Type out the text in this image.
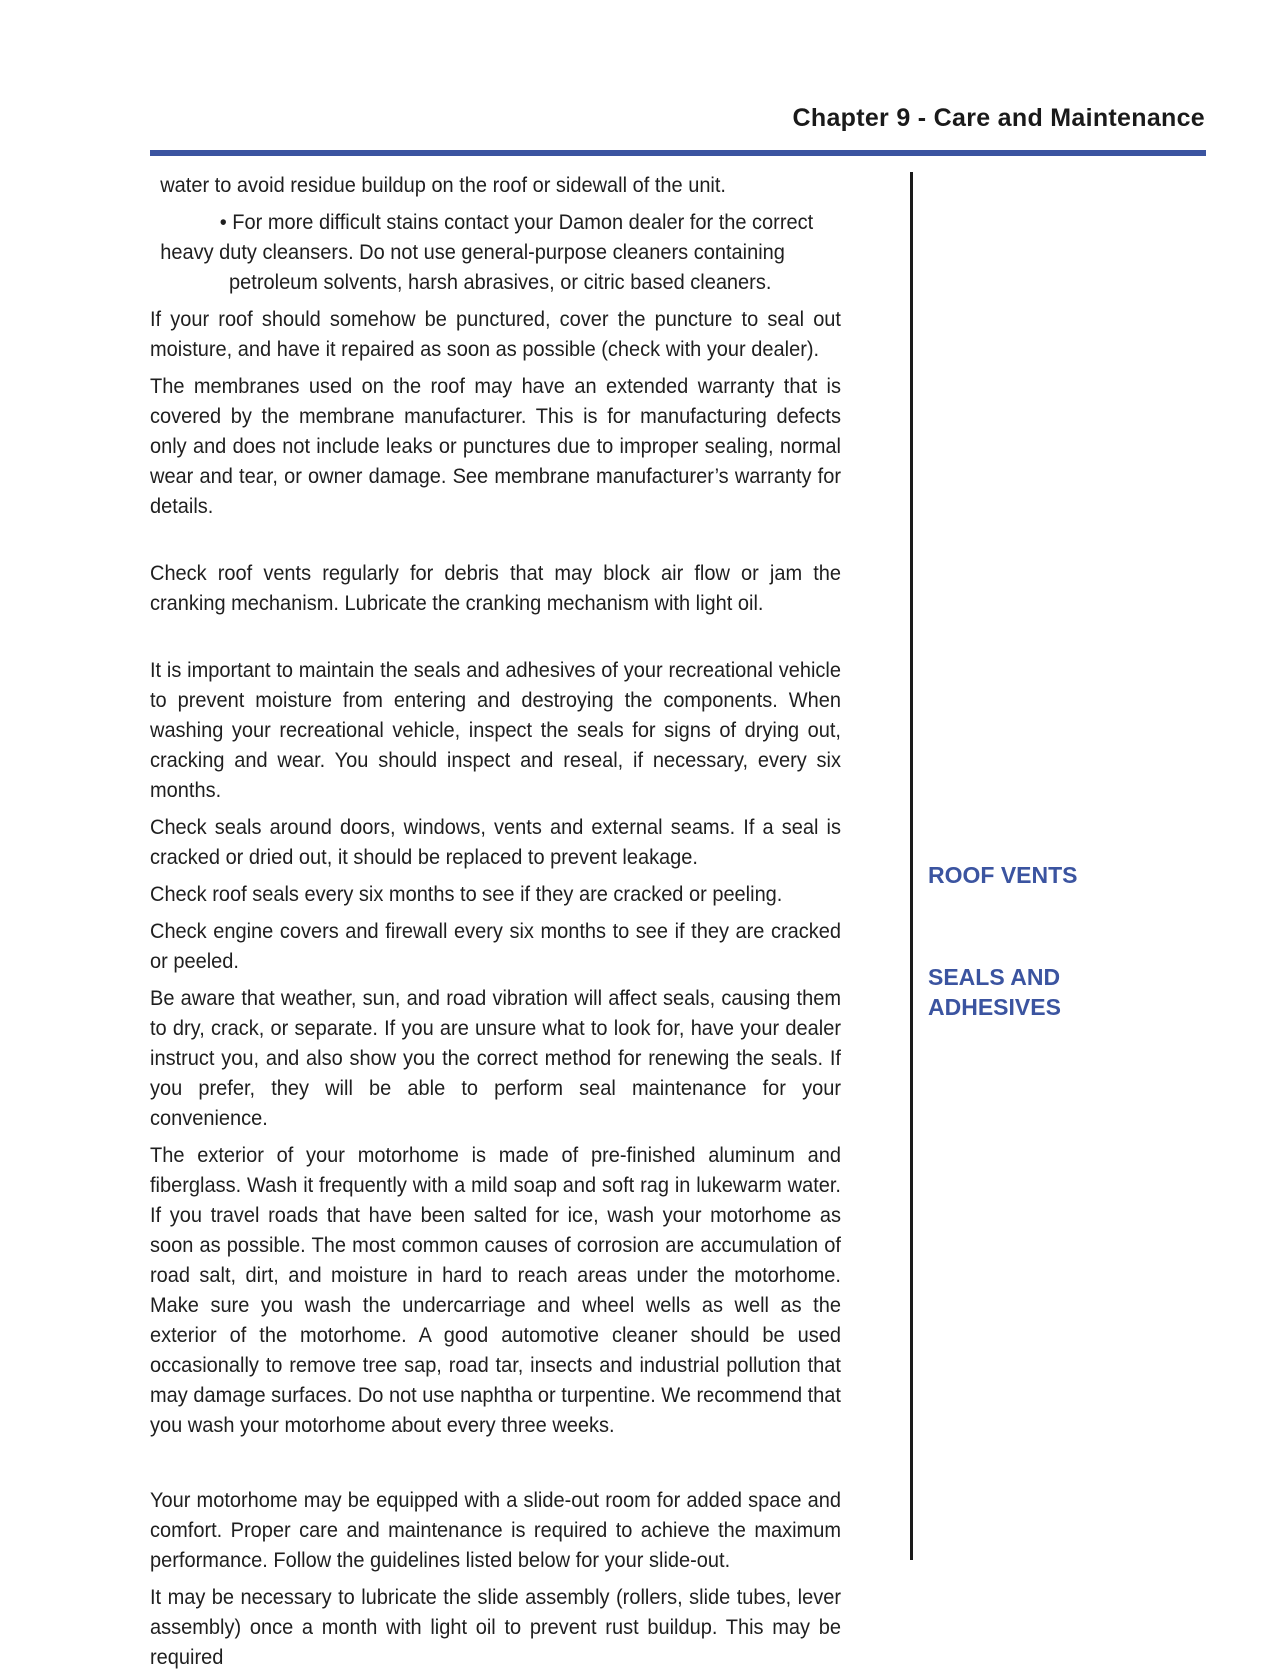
Chapter 9 - Care and Maintenance

water to avoid residue buildup on the roof or sidewall of the unit.

• For more difficult stains contact your Damon dealer for the correct
heavy duty cleansers. Do not use general-purpose cleaners containing
petroleum solvents, harsh abrasives, or citric based cleaners.

If your roof should somehow be punctured, cover the puncture to seal out moisture, and have it repaired as soon as possible (check with your dealer).

The membranes used on the roof may have an extended warranty that is covered by the membrane manufacturer. This is for manufacturing defects only and does not include leaks or punctures due to improper sealing, normal wear and tear, or owner damage. See membrane manufacturer’s warranty for details.

Check roof vents regularly for debris that may block air flow or jam the cranking mechanism. Lubricate the cranking mechanism with light oil.

It is important to maintain the seals and adhesives of your recreational vehicle to prevent moisture from entering and destroying the components. When washing your recreational vehicle, inspect the seals for signs of drying out, cracking and wear. You should inspect and reseal, if necessary, every six months.

Check seals around doors, windows, vents and external seams. If a seal is cracked or dried out, it should be replaced to prevent leakage.

Check roof seals every six months to see if they are cracked or peeling.

Check engine covers and firewall every six months to see if they are cracked or peeled.

Be aware that weather, sun, and road vibration will affect seals, causing them to dry, crack, or separate. If you are unsure what to look for, have your dealer instruct you, and also show you the correct method for renewing the seals. If you prefer, they will be able to perform seal maintenance for your convenience.

The exterior of your motorhome is made of pre-finished aluminum and fiberglass. Wash it frequently with a mild soap and soft rag in lukewarm water. If you travel roads that have been salted for ice, wash your motorhome as soon as possible. The most common causes of corrosion are accumulation of road salt, dirt, and moisture in hard to reach areas under the motorhome. Make sure you wash the undercarriage and wheel wells as well as the exterior of the motorhome. A good automotive cleaner should be used occasionally to remove tree sap, road tar, insects and industrial pollution that may damage surfaces. Do not use naphtha or turpentine. We recommend that you wash your motorhome about every three weeks.

Your motorhome may be equipped with a slide-out room for added space and comfort. Proper care and maintenance is required to achieve the maximum performance. Follow the guidelines listed below for your slide-out.

It may be necessary to lubricate the slide assembly (rollers, slide tubes, lever assembly) once a month with light oil to prevent rust buildup. This may be required

ROOF VENTS
SEALS AND ADHESIVES
